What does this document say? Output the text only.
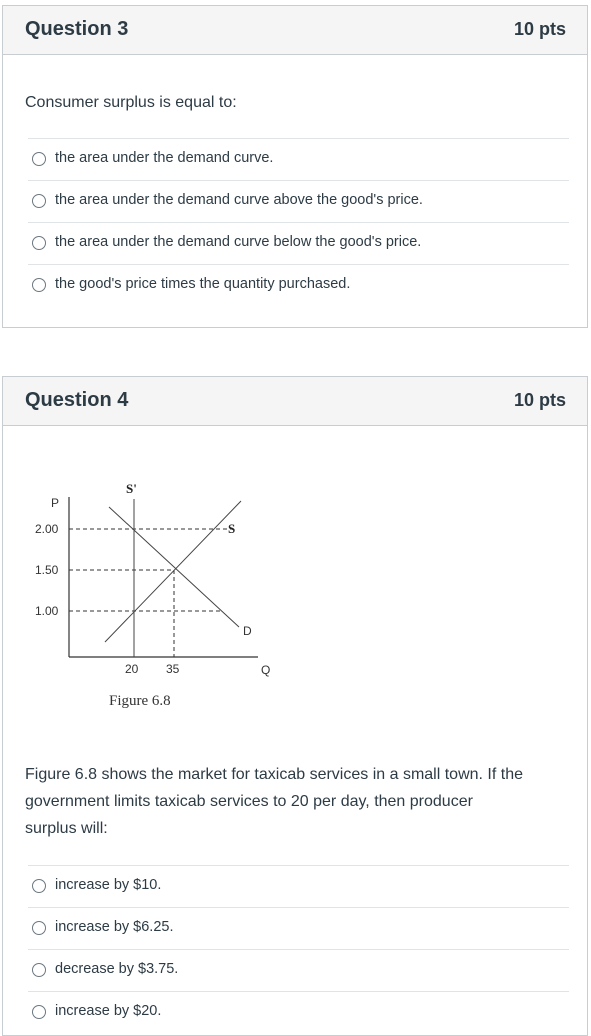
Question 3	10 pts
Consumer surplus is equal to:
the area under the demand curve.
the area under the demand curve above the good's price.
the area under the demand curve below the good's price.
the good's price times the quantity purchased.
Question 4	10 pts
P
Q
S'
S
D
2.00
1.50
1.00
20 35
Figure 6.8
Figure 6.8 shows the market for taxicab services in a small town. If the
government limits taxicab services to 20 per day, then producer
surplus will:
increase by $10.
increase by $6.25.
decrease by $3.75.
increase by $20.
